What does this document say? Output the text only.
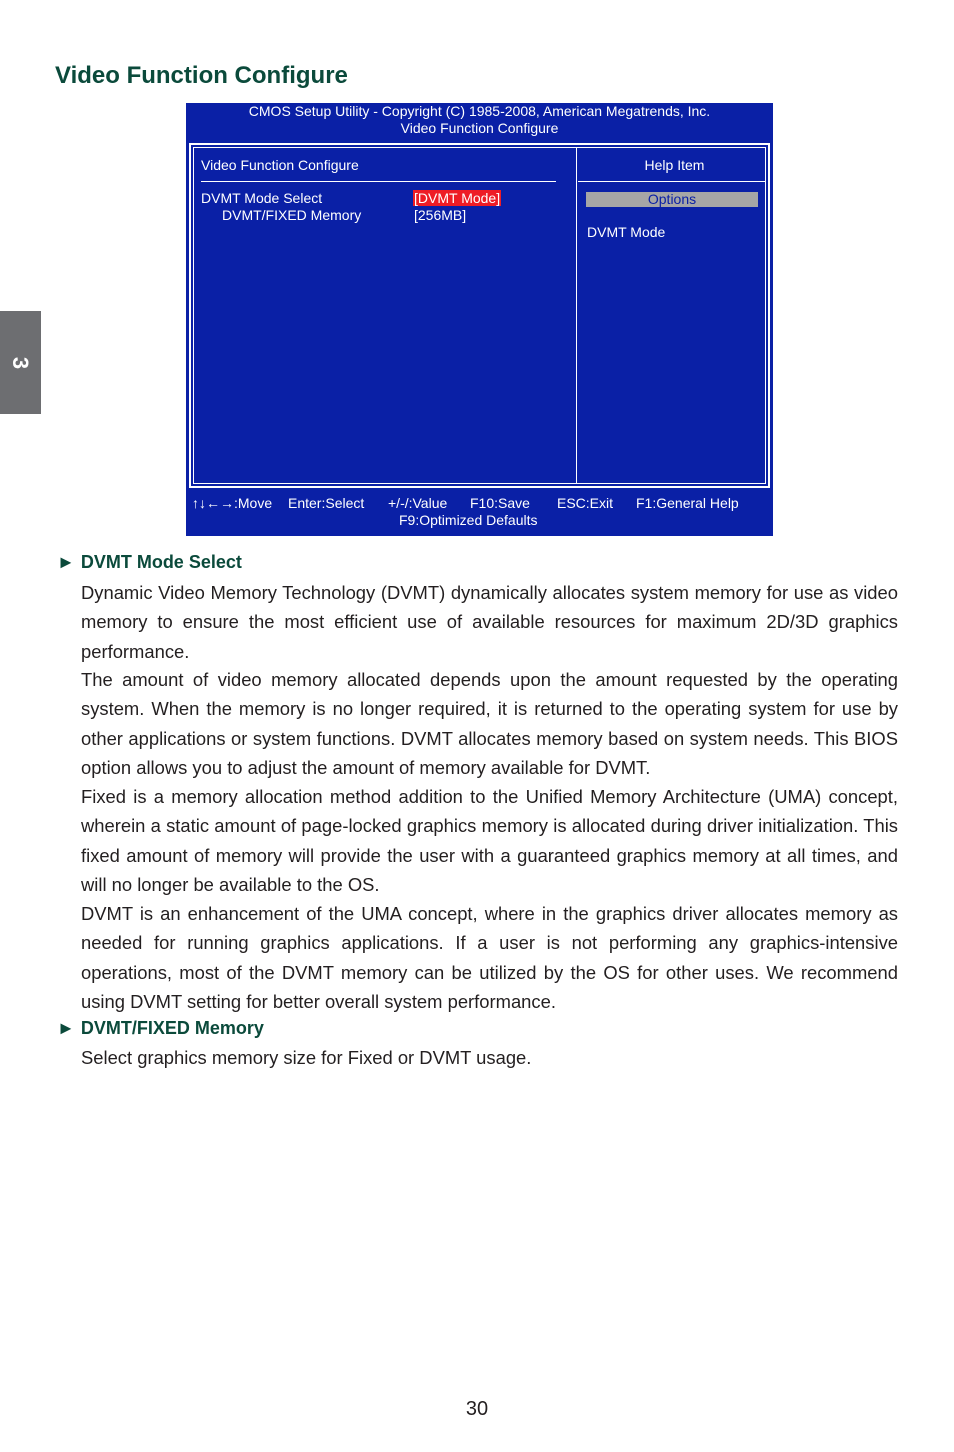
Video Function Configure
3
CMOS Setup Utility - Copyright (C) 1985-2008, American Megatrends, Inc.
Video Function Configure
Video Function Configure
DVMT Mode Select	[DVMT Mode]
DVMT/FIXED Memory	[256MB]
Help Item
Options
DVMT Mode
↑↓←→:Move Enter:Select +/-/:Value F10:Save ESC:Exit F1:General Help
F9:Optimized Defaults
► DVMT Mode Select

Dynamic Video Memory Technology (DVMT) dynamically allocates system memory for use as video memory to ensure the most efficient use of available resources for maximum 2D/3D graphics performance.

The amount of video memory allocated depends upon the amount requested by the operating system. When the memory is no longer required, it is returned to the operating system for use by other applications or system functions. DVMT allocates memory based on system needs. This BIOS option allows you to adjust the amount of memory available for DVMT.

Fixed is a memory allocation method addition to the Unified Memory Architecture (UMA) concept, wherein a static amount of page-locked graphics memory is allocated during driver initialization. This fixed amount of memory will provide the user with a guaranteed graphics memory at all times, and will no longer be available to the OS.

DVMT is an enhancement of the UMA concept, where in the graphics driver allocates memory as needed for running graphics applications. If a user is not performing any graphics-intensive operations, most of the DVMT memory can be utilized by the OS for other uses. We recommend using DVMT setting for better overall system performance.

► DVMT/FIXED Memory

Select graphics memory size for Fixed or DVMT usage.

30
